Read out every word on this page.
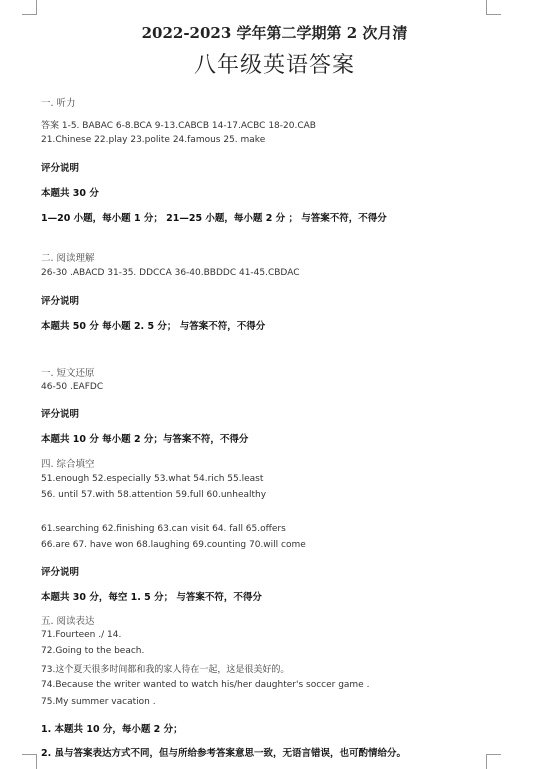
2022-2023 学年第二学期第 2 次月清
八年级英语答案
一. 听力
答案 1-5. BABAC 6-8.BCA 9-13.CABCB 14-17.ACBC 18-20.CAB
21.Chinese 22.play 23.polite 24.famous 25. make
评分说明
本题共 30 分
1—20 小题，每小题 1 分； 21—25 小题，每小题 2 分 ； 与答案不符，不得分
二. 阅读理解
26-30 .ABACD 31-35. DDCCA 36-40.BBDDC 41-45.CBDAC
评分说明
本题共 50 分 每小题 2. 5 分； 与答案不符，不得分
一. 短文还原
46-50 .EAFDC
评分说明
本题共 10 分 每小题 2 分；与答案不符，不得分
四. 综合填空
51.enough 52.especially 53.what 54.rich 55.least
56. until 57.with 58.attention 59.full 60.unhealthy
61.searching 62.finishing 63.can visit 64. fall 65.offers
66.are 67. have won 68.laughing 69.counting 70.will come
评分说明
本题共 30 分，每空 1. 5 分； 与答案不符，不得分
五. 阅读表达
71.Fourteen ./ 14.
72.Going to the beach.
73.这个夏天很多时间都和我的家人待在一起，这是很美好的。
74.Because the writer wanted to watch his/her daughter's soccer game .
75.My summer vacation .
1. 本题共 10 分，每小题 2 分；
2. 虽与答案表达方式不同，但与所给参考答案意思一致，无语言错误，也可酌情给分。
